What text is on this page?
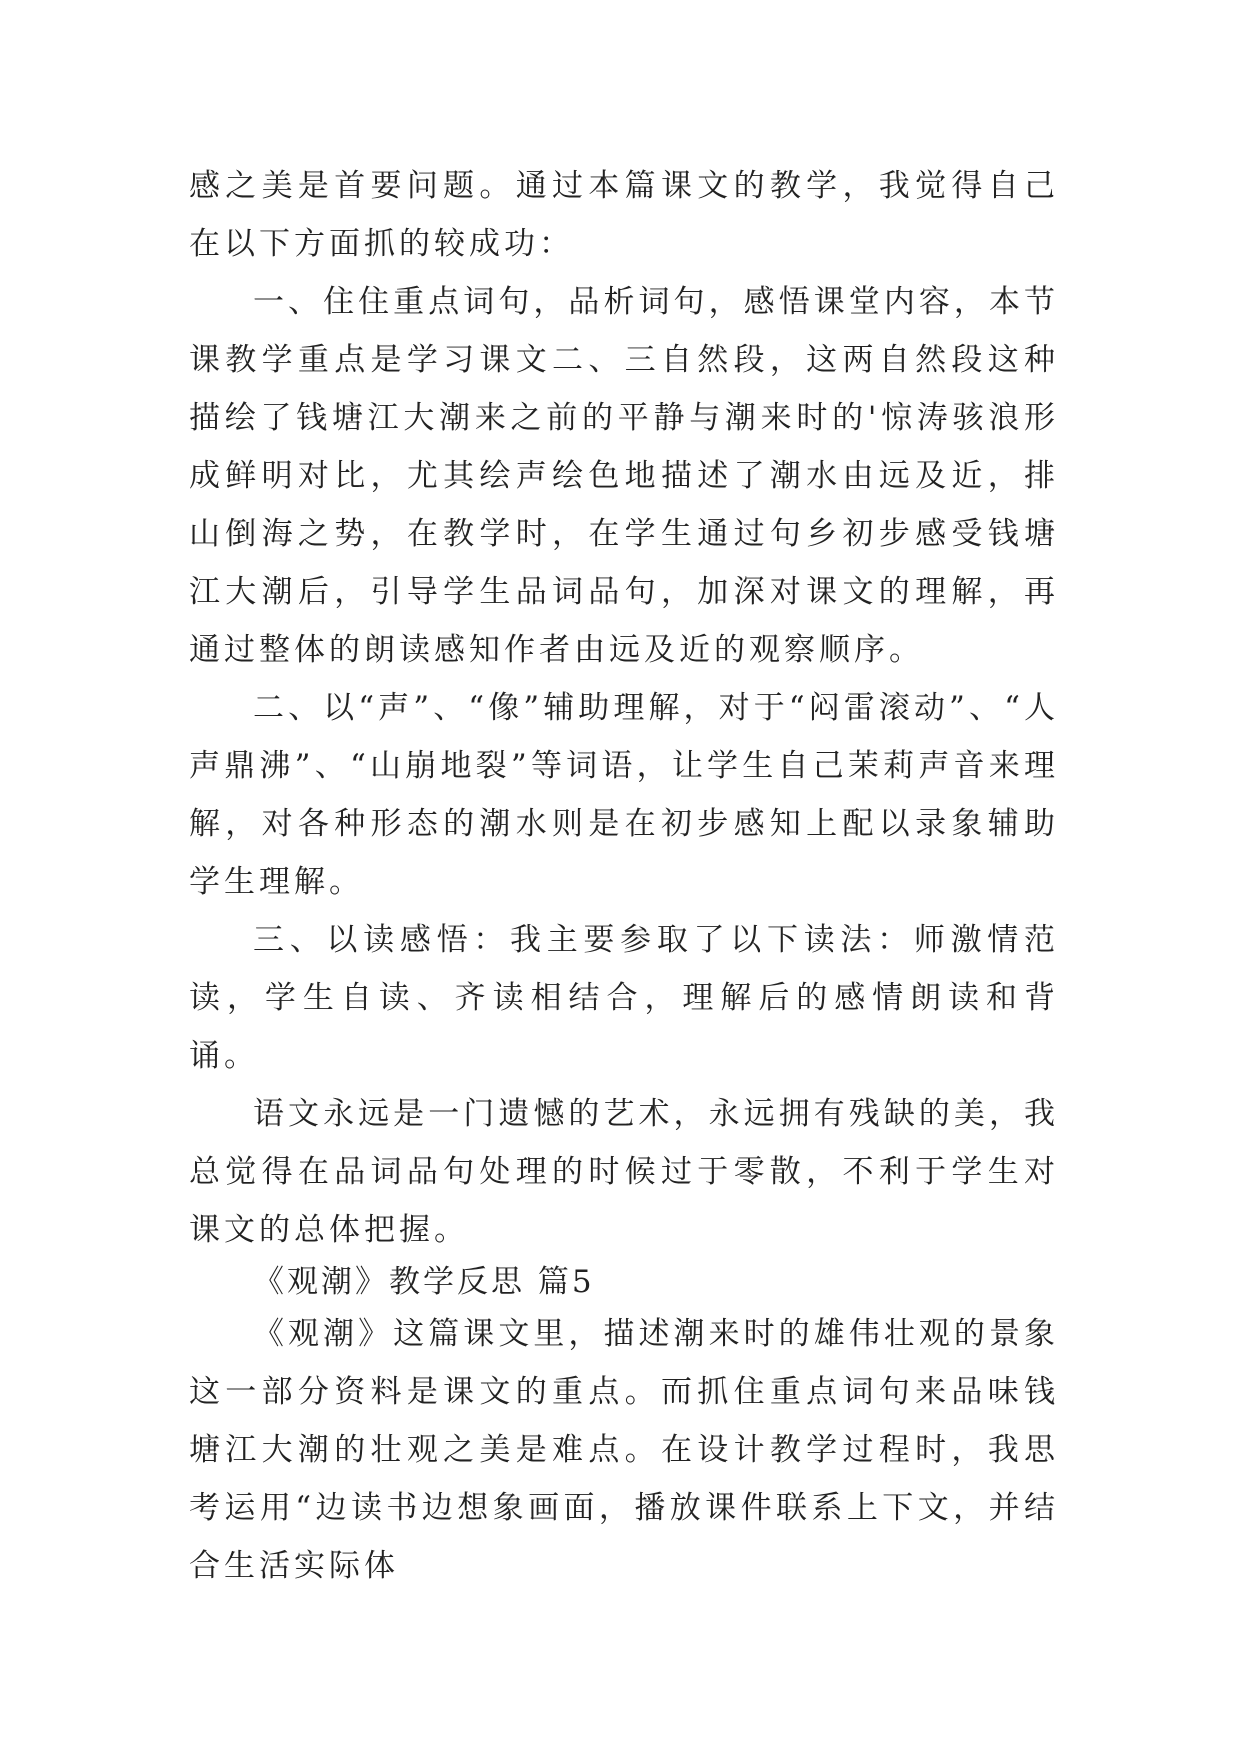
感之美是首要问题。通过本篇课文的教学，我觉得自己在以下方面抓的较成功：

一、住住重点词句，品析词句，感悟课堂内容，本节课教学重点是学习课文二、三自然段，这两自然段这种描绘了钱塘江大潮来之前的平静与潮来时的'惊涛骇浪形成鲜明对比，尤其绘声绘色地描述了潮水由远及近，排山倒海之势，在教学时，在学生通过句乡初步感受钱塘江大潮后，引导学生品词品句，加深对课文的理解，再通过整体的朗读感知作者由远及近的观察顺序。

二、以“声”、“像”辅助理解，对于“闷雷滚动”、“人声鼎沸”、“山崩地裂”等词语，让学生自己茉莉声音来理解，对各种形态的潮水则是在初步感知上配以录象辅助学生理解。

三、以读感悟：我主要参取了以下读法：师激情范读，学生自读、齐读相结合，理解后的感情朗读和背诵。

语文永远是一门遗憾的艺术，永远拥有残缺的美，我总觉得在品词品句处理的时候过于零散，不利于学生对课文的总体把握。

《观潮》教学反思 篇5

《观潮》这篇课文里，描述潮来时的雄伟壮观的景象这一部分资料是课文的重点。而抓住重点词句来品味钱塘江大潮的壮观之美是难点。在设计教学过程时，我思考运用“边读书边想象画面，播放课件联系上下文，并结合生活实际体
